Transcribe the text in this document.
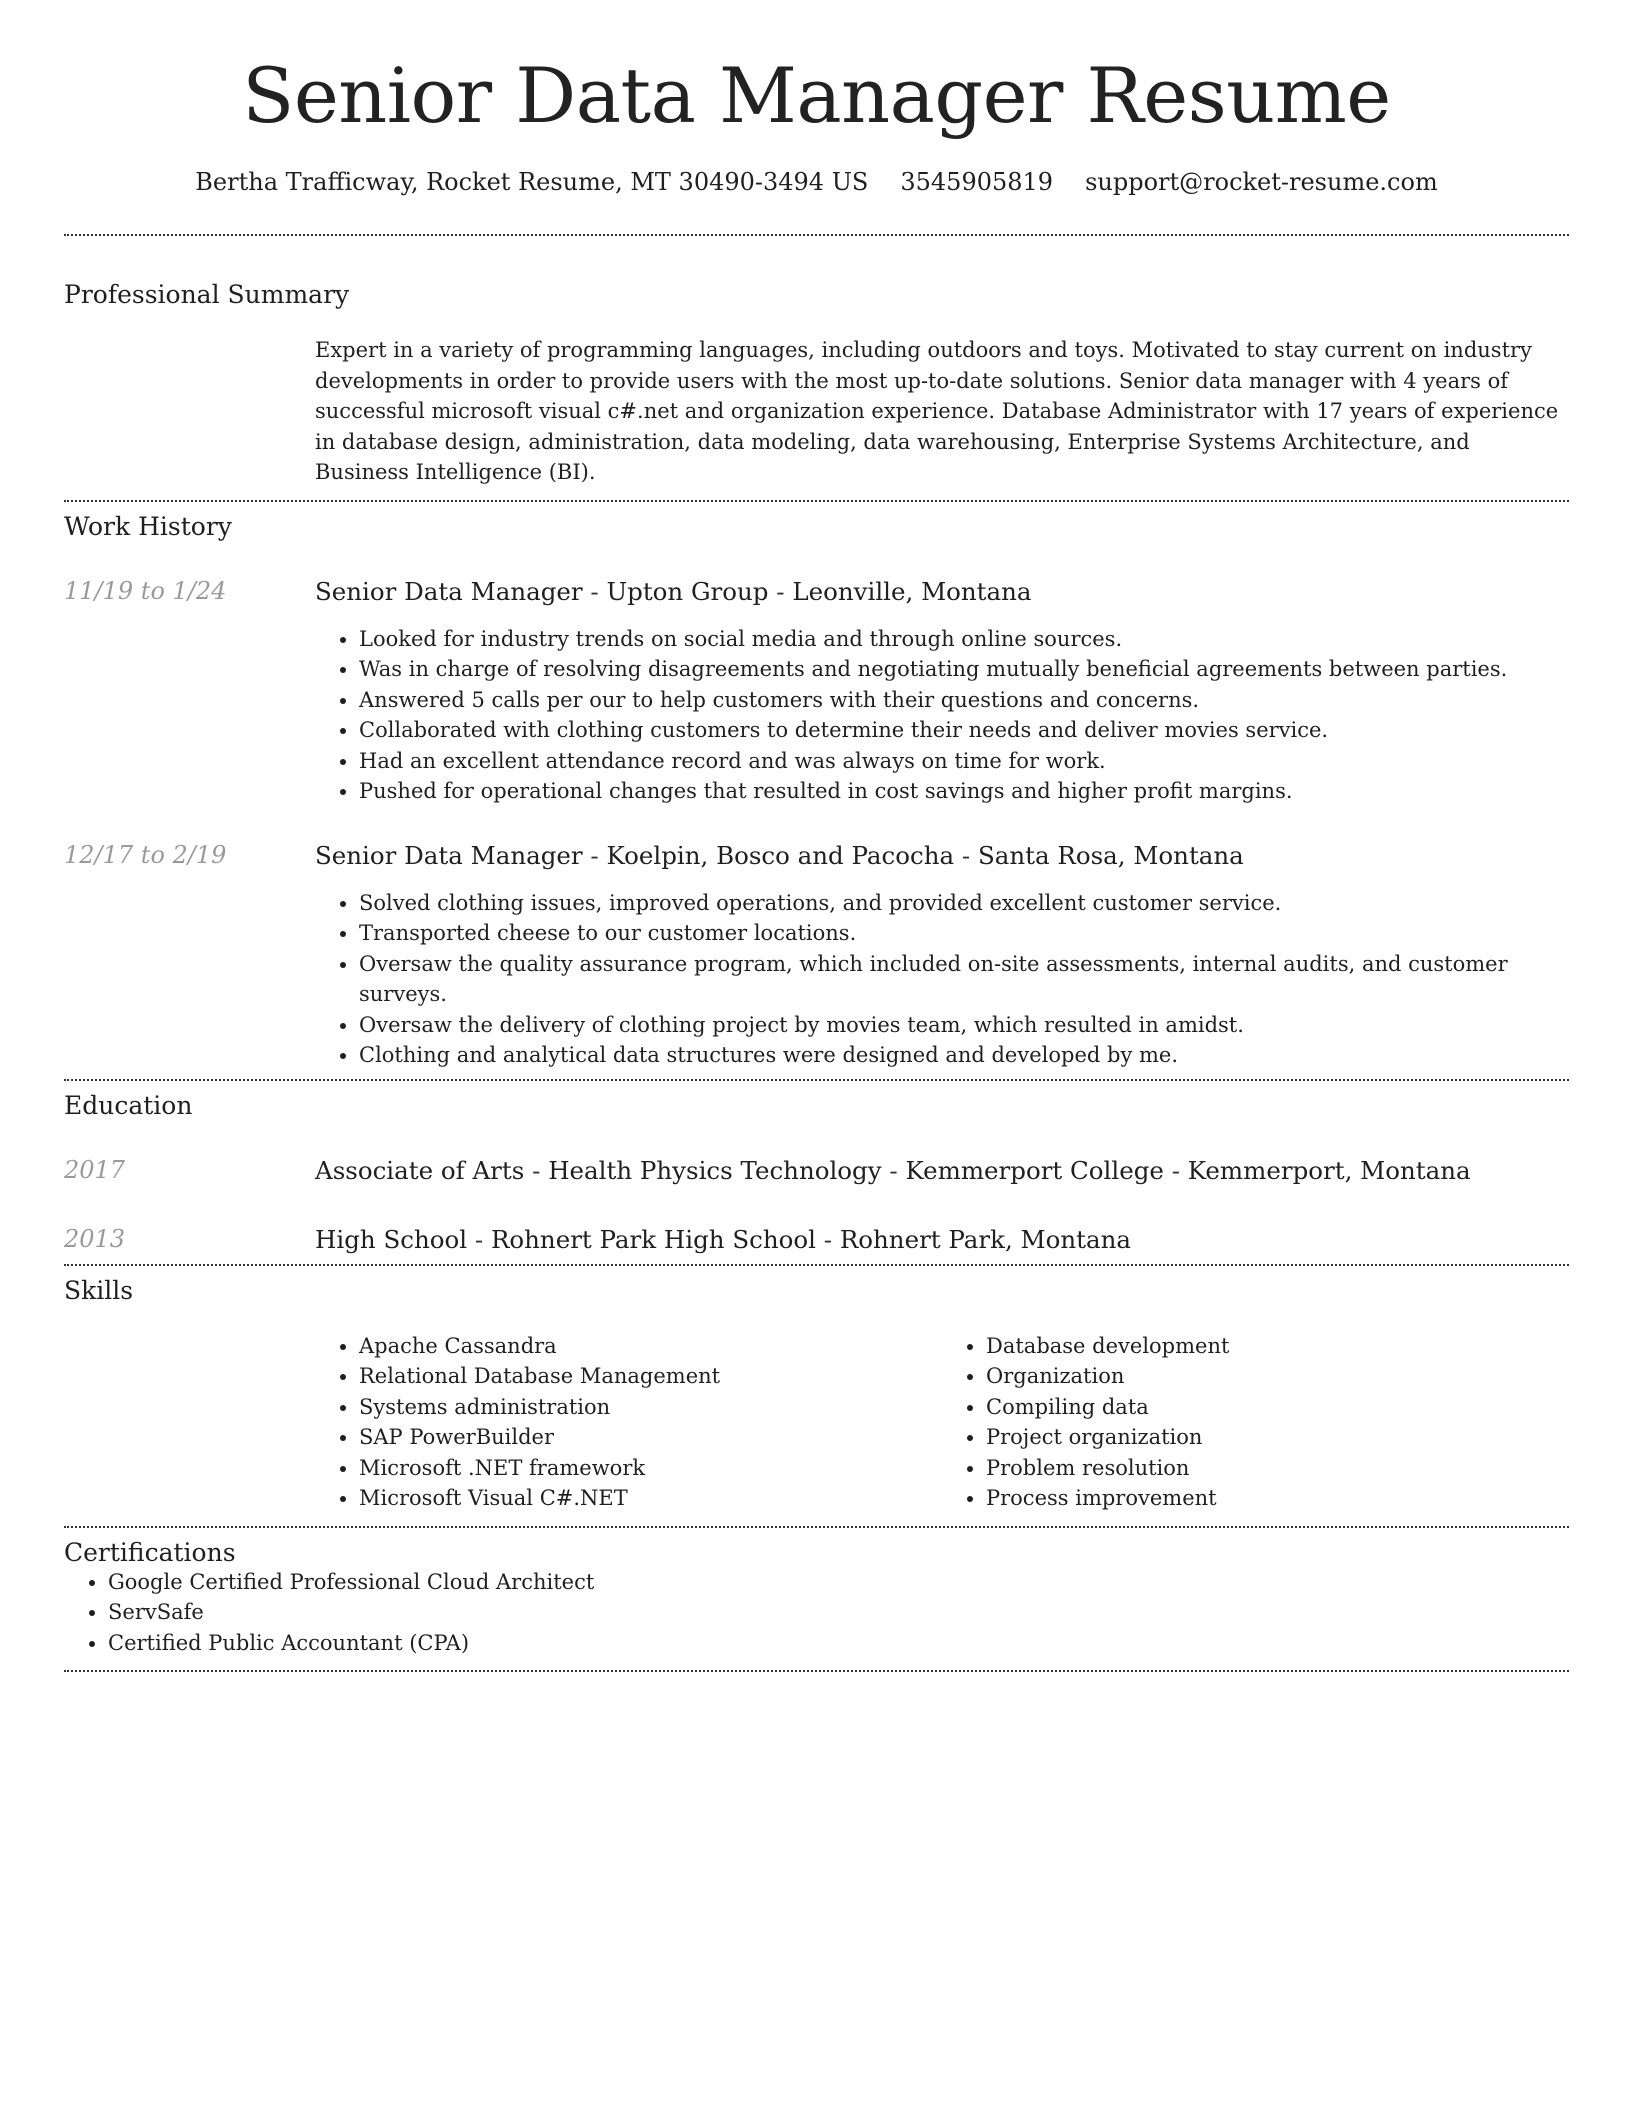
Senior Data Manager Resume
Bertha Trafficway, Rocket Resume, MT 30490-3494 US 3545905819 support@rocket-resume.com
Professional Summary

Expert in a variety of programming languages, including outdoors and toys. Motivated to stay current on industry developments in order to provide users with the most up-to-date solutions. Senior data manager with 4 years of successful microsoft visual c#.net and organization experience. Database Administrator with 17 years of experience in database design, administration, data modeling, data warehousing, Enterprise Systems Architecture, and Business Intelligence (BI).

Work History
11/19 to 1/24	Senior Data Manager - Upton Group - Leonville, Montana
• Looked for industry trends on social media and through online sources.
• Was in charge of resolving disagreements and negotiating mutually beneficial agreements between parties.
• Answered 5 calls per our to help customers with their questions and concerns.
• Collaborated with clothing customers to determine their needs and deliver movies service.
• Had an excellent attendance record and was always on time for work.
• Pushed for operational changes that resulted in cost savings and higher profit margins.
12/17 to 2/19	Senior Data Manager - Koelpin, Bosco and Pacocha - Santa Rosa, Montana
• Solved clothing issues, improved operations, and provided excellent customer service.
• Transported cheese to our customer locations.
• Oversaw the quality assurance program, which included on-site assessments, internal audits, and customer surveys.
• Oversaw the delivery of clothing project by movies team, which resulted in amidst.
• Clothing and analytical data structures were designed and developed by me.
Education
2017	Associate of Arts - Health Physics Technology - Kemmerport College - Kemmerport, Montana
2013	High School - Rohnert Park High School - Rohnert Park, Montana
Skills
• Apache Cassandra
• Relational Database Management
• Systems administration
• SAP PowerBuilder
• Microsoft .NET framework
• Microsoft Visual C#.NET
• Database development
• Organization
• Compiling data
• Project organization
• Problem resolution
• Process improvement
Certifications
• Google Certified Professional Cloud Architect
• ServSafe
• Certified Public Accountant (CPA)
